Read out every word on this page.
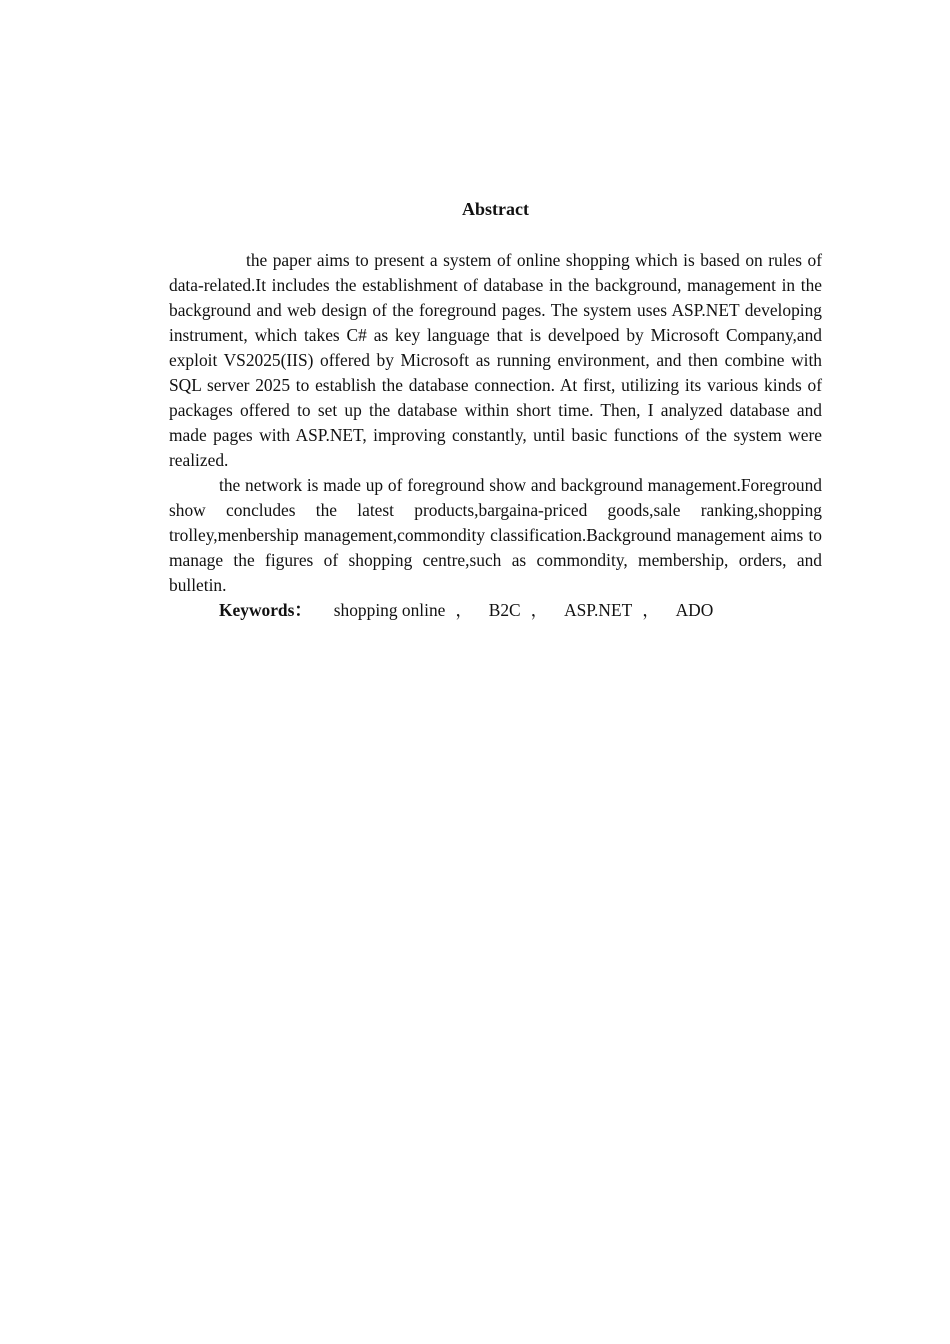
Abstract

the paper aims to present a system of online shopping which is based on rules of data-related.It includes the establishment of database in the background, management in the background and web design of the foreground pages. The system uses ASP.NET developing instrument, which takes C# as key language that is develpoed by Microsoft Company,and exploit VS2025(IIS) offered by Microsoft as running environment, and then combine with SQL server 2025 to establish the database connection. At first, utilizing its various kinds of packages offered to set up the database within short time. Then, I analyzed database and made pages with ASP.NET, improving constantly, until basic functions of the system were realized.

the network is made up of foreground show and background management.Foreground show concludes the latest products,bargaina-priced goods,sale ranking,shopping trolley,menbership management,commondity classification.Background management aims to manage the figures of shopping centre,such as commondity, membership, orders, and bulletin.

Keywords： shopping online ， B2C ， ASP.NET ， ADO
